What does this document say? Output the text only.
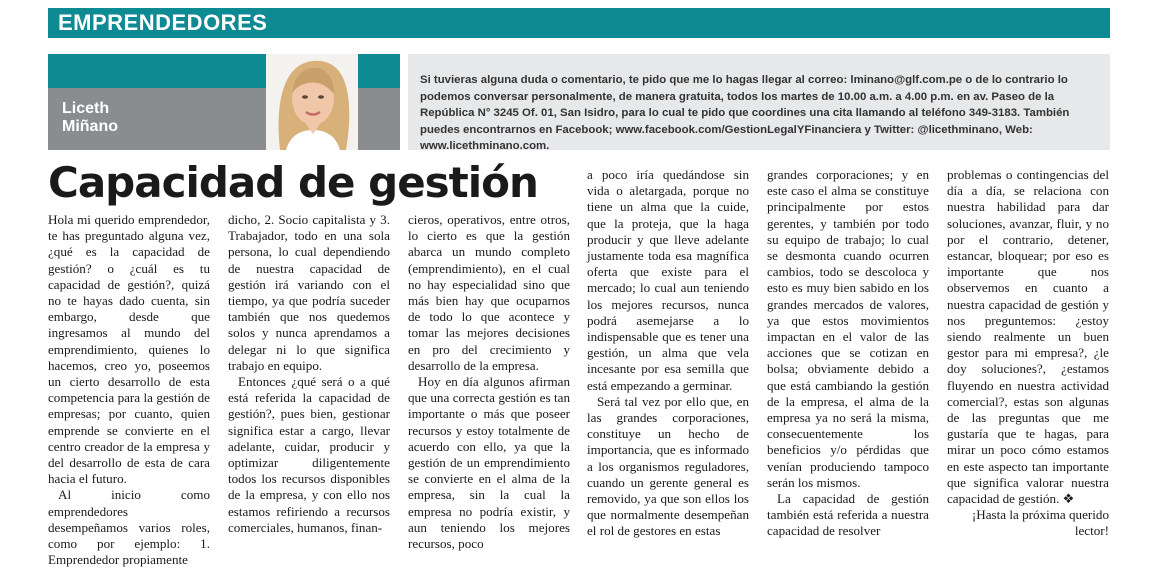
EMPRENDEDORES
Liceth
Miñano
Si tuvieras alguna duda o comentario, te pido que me lo hagas llegar al correo: lminano@glf.com.pe o de lo contrario lo podemos conversar personalmente, de manera gratuita, todos los martes de 10.00 a.m. a 4.00 p.m. en av. Paseo de la República N° 3245 Of. 01, San Isidro, para lo cual te pido que coordines una cita llamando al teléfono 349-3183. También puedes encontrarnos en Facebook; www.facebook.com/GestionLegalYFinanciera y Twitter: @licethminano, Web: www.licethminano.com.
Capacidad de gestión

Hola mi querido emprendedor, te has preguntado alguna vez, ¿qué es la capacidad de gestión? o ¿cuál es tu capacidad de gestión?, quizá no te hayas dado cuenta, sin embargo, desde que ingresamos al mundo del emprendimiento, quienes lo hacemos, creo yo, poseemos un cierto desarrollo de esta competencia para la gestión de empresas; por cuanto, quien emprende se convierte en el centro creador de la empresa y del desarrollo de esta de cara hacia el futuro.

Al inicio como emprendedores desempeñamos varios roles, como por ejemplo: 1. Emprendedor propiamente

dicho, 2. Socio capitalista y 3. Trabajador, todo en una sola persona, lo cual dependiendo de nuestra capacidad de gestión irá variando con el tiempo, ya que podría suceder también que nos quedemos solos y nunca aprendamos a delegar ni lo que significa trabajo en equipo.

Entonces ¿qué será o a qué está referida la capacidad de gestión?, pues bien, gestionar significa estar a cargo, llevar adelante, cuidar, producir y optimizar diligentemente todos los recursos disponibles de la empresa, y con ello nos estamos refiriendo a recursos comerciales, humanos, finan-

cieros, operativos, entre otros, lo cierto es que la gestión abarca un mundo completo (emprendimiento), en el cual no hay especialidad sino que más bien hay que ocuparnos de todo lo que acontece y tomar las mejores decisiones en pro del crecimiento y desarrollo de la empresa.

Hoy en día algunos afirman que una correcta gestión es tan importante o más que poseer recursos y estoy totalmente de acuerdo con ello, ya que la gestión de un emprendimiento se convierte en el alma de la empresa, sin la cual la empresa no podría existir, y aun teniendo los mejores recursos, poco

a poco iría quedándose sin vida o aletargada, porque no tiene un alma que la cuide, que la proteja, que la haga producir y que lleve adelante justamente toda esa magnífica oferta que existe para el mercado; lo cual aun teniendo los mejores recursos, nunca podrá asemejarse a lo indispensable que es tener una gestión, un alma que vela incesante por esa semilla que está empezando a germinar.

Será tal vez por ello que, en las grandes corporaciones, constituye un hecho de importancia, que es informado a los organismos reguladores, cuando un gerente general es removido, ya que son ellos los que normalmente desempeñan el rol de gestores en estas

grandes corporaciones; y en este caso el alma se constituye principalmente por estos gerentes, y también por todo su equipo de trabajo; lo cual se desmonta cuando ocurren cambios, todo se descoloca y esto es muy bien sabido en los grandes mercados de valores, ya que estos movimientos impactan en el valor de las acciones que se cotizan en bolsa; obviamente debido a que está cambiando la gestión de la empresa, el alma de la empresa ya no será la misma, consecuentemente los beneficios y/o pérdidas que venían produciendo tampoco serán los mismos.

La capacidad de gestión también está referida a nuestra capacidad de resolver

problemas o contingencias del día a día, se relaciona con nuestra habilidad para dar soluciones, avanzar, fluir, y no por el contrario, detener, estancar, bloquear; por eso es importante que nos observemos en cuanto a nuestra capacidad de gestión y nos preguntemos: ¿estoy siendo realmente un buen gestor para mi empresa?, ¿le doy soluciones?, ¿estamos fluyendo en nuestra actividad comercial?, estas son algunas de las preguntas que me gustaría que te hagas, para mirar un poco cómo estamos en este aspecto tan importante que significa valorar nuestra capacidad de gestión. ❖

¡Hasta la próxima querido lector!
